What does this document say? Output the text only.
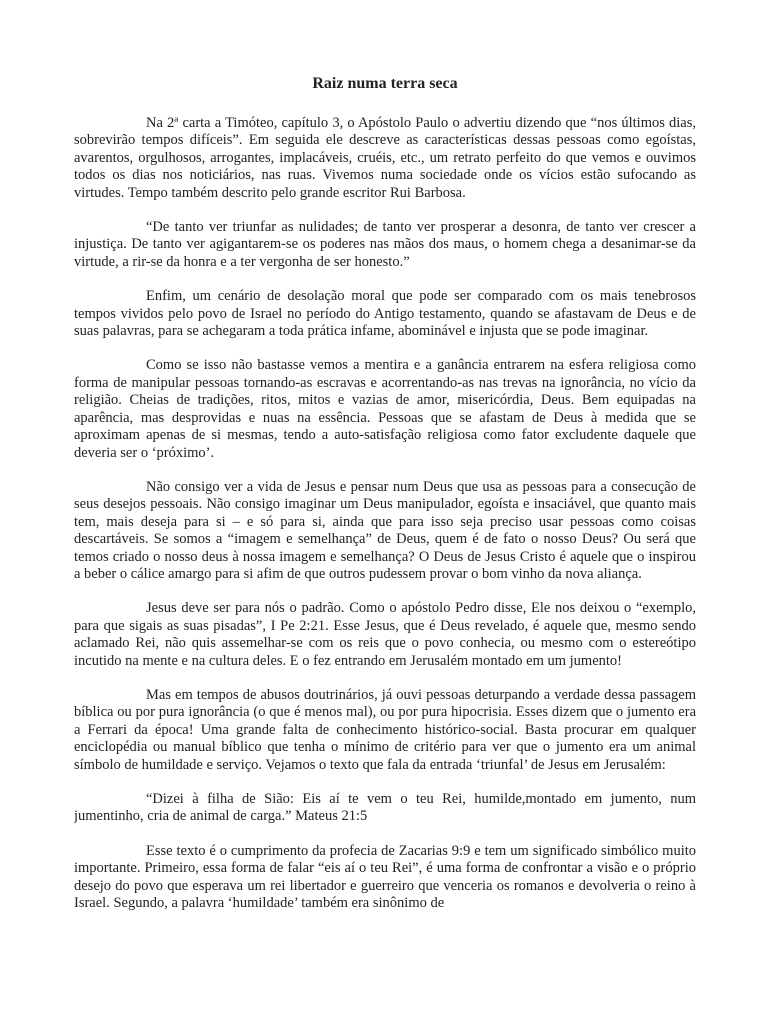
Raiz numa terra seca

Na 2ª carta a Timóteo, capítulo 3, o Apóstolo Paulo o advertiu dizendo que “nos últimos dias, sobrevirão tempos difíceis”. Em seguida ele descreve as características dessas pessoas como egoístas, avarentos, orgulhosos, arrogantes, implacáveis, cruéis, etc., um retrato perfeito do que vemos e ouvimos todos os dias nos noticiários, nas ruas. Vivemos numa sociedade onde os vícios estão sufocando as virtudes. Tempo também descrito pelo grande escritor Rui Barbosa.

“De tanto ver triunfar as nulidades; de tanto ver prosperar a desonra, de tanto ver crescer a injustiça. De tanto ver agigantarem-se os poderes nas mãos dos maus, o homem chega a desanimar-se da virtude, a rir-se da honra e a ter vergonha de ser honesto.”

Enfim, um cenário de desolação moral que pode ser comparado com os mais tenebrosos tempos vividos pelo povo de Israel no período do Antigo testamento, quando se afastavam de Deus e de suas palavras, para se achegaram a toda prática infame, abominável e injusta que se pode imaginar.

Como se isso não bastasse vemos a mentira e a ganância entrarem na esfera religiosa como forma de manipular pessoas tornando-as escravas e acorrentando-as nas trevas na ignorância, no vício da religião. Cheias de tradições, ritos, mitos e vazias de amor, misericórdia, Deus. Bem equipadas na aparência, mas desprovidas e nuas na essência. Pessoas que se afastam de Deus à medida que se aproximam apenas de si mesmas, tendo a auto-satisfação religiosa como fator excludente daquele que deveria ser o ‘próximo’.

Não consigo ver a vida de Jesus e pensar num Deus que usa as pessoas para a consecução de seus desejos pessoais. Não consigo imaginar um Deus manipulador, egoísta e insaciável, que quanto mais tem, mais deseja para si – e só para si, ainda que para isso seja preciso usar pessoas como coisas descartáveis. Se somos a “imagem e semelhança” de Deus, quem é de fato o nosso Deus? Ou será que temos criado o nosso deus à nossa imagem e semelhança? O Deus de Jesus Cristo é aquele que o inspirou a beber o cálice amargo para si afim de que outros pudessem provar o bom vinho da nova aliança.

Jesus deve ser para nós o padrão. Como o apóstolo Pedro disse, Ele nos deixou o “exemplo, para que sigais as suas pisadas”, I Pe 2:21. Esse Jesus, que é Deus revelado, é aquele que, mesmo sendo aclamado Rei, não quis assemelhar-se com os reis que o povo conhecia, ou mesmo com o estereótipo incutido na mente e na cultura deles. E o fez entrando em Jerusalém montado em um jumento!

Mas em tempos de abusos doutrinários, já ouvi pessoas deturpando a verdade dessa passagem bíblica ou por pura ignorância (o que é menos mal), ou por pura hipocrisia. Esses dizem que o jumento era a Ferrari da época! Uma grande falta de conhecimento histórico-social. Basta procurar em qualquer enciclopédia ou manual bíblico que tenha o mínimo de critério para ver que o jumento era um animal símbolo de humildade e serviço. Vejamos o texto que fala da entrada ‘triunfal’ de Jesus em Jerusalém:

“Dizei à filha de Sião: Eis aí te vem o teu Rei, humilde,montado em jumento, num jumentinho, cria de animal de carga.” Mateus 21:5

Esse texto é o cumprimento da profecia de Zacarias 9:9 e tem um significado simbólico muito importante. Primeiro, essa forma de falar “eis aí o teu Rei”, é uma forma de confrontar a visão e o próprio desejo do povo que esperava um rei libertador e guerreiro que venceria os romanos e devolveria o reino à Israel. Segundo, a palavra ‘humildade’ também era sinônimo de
